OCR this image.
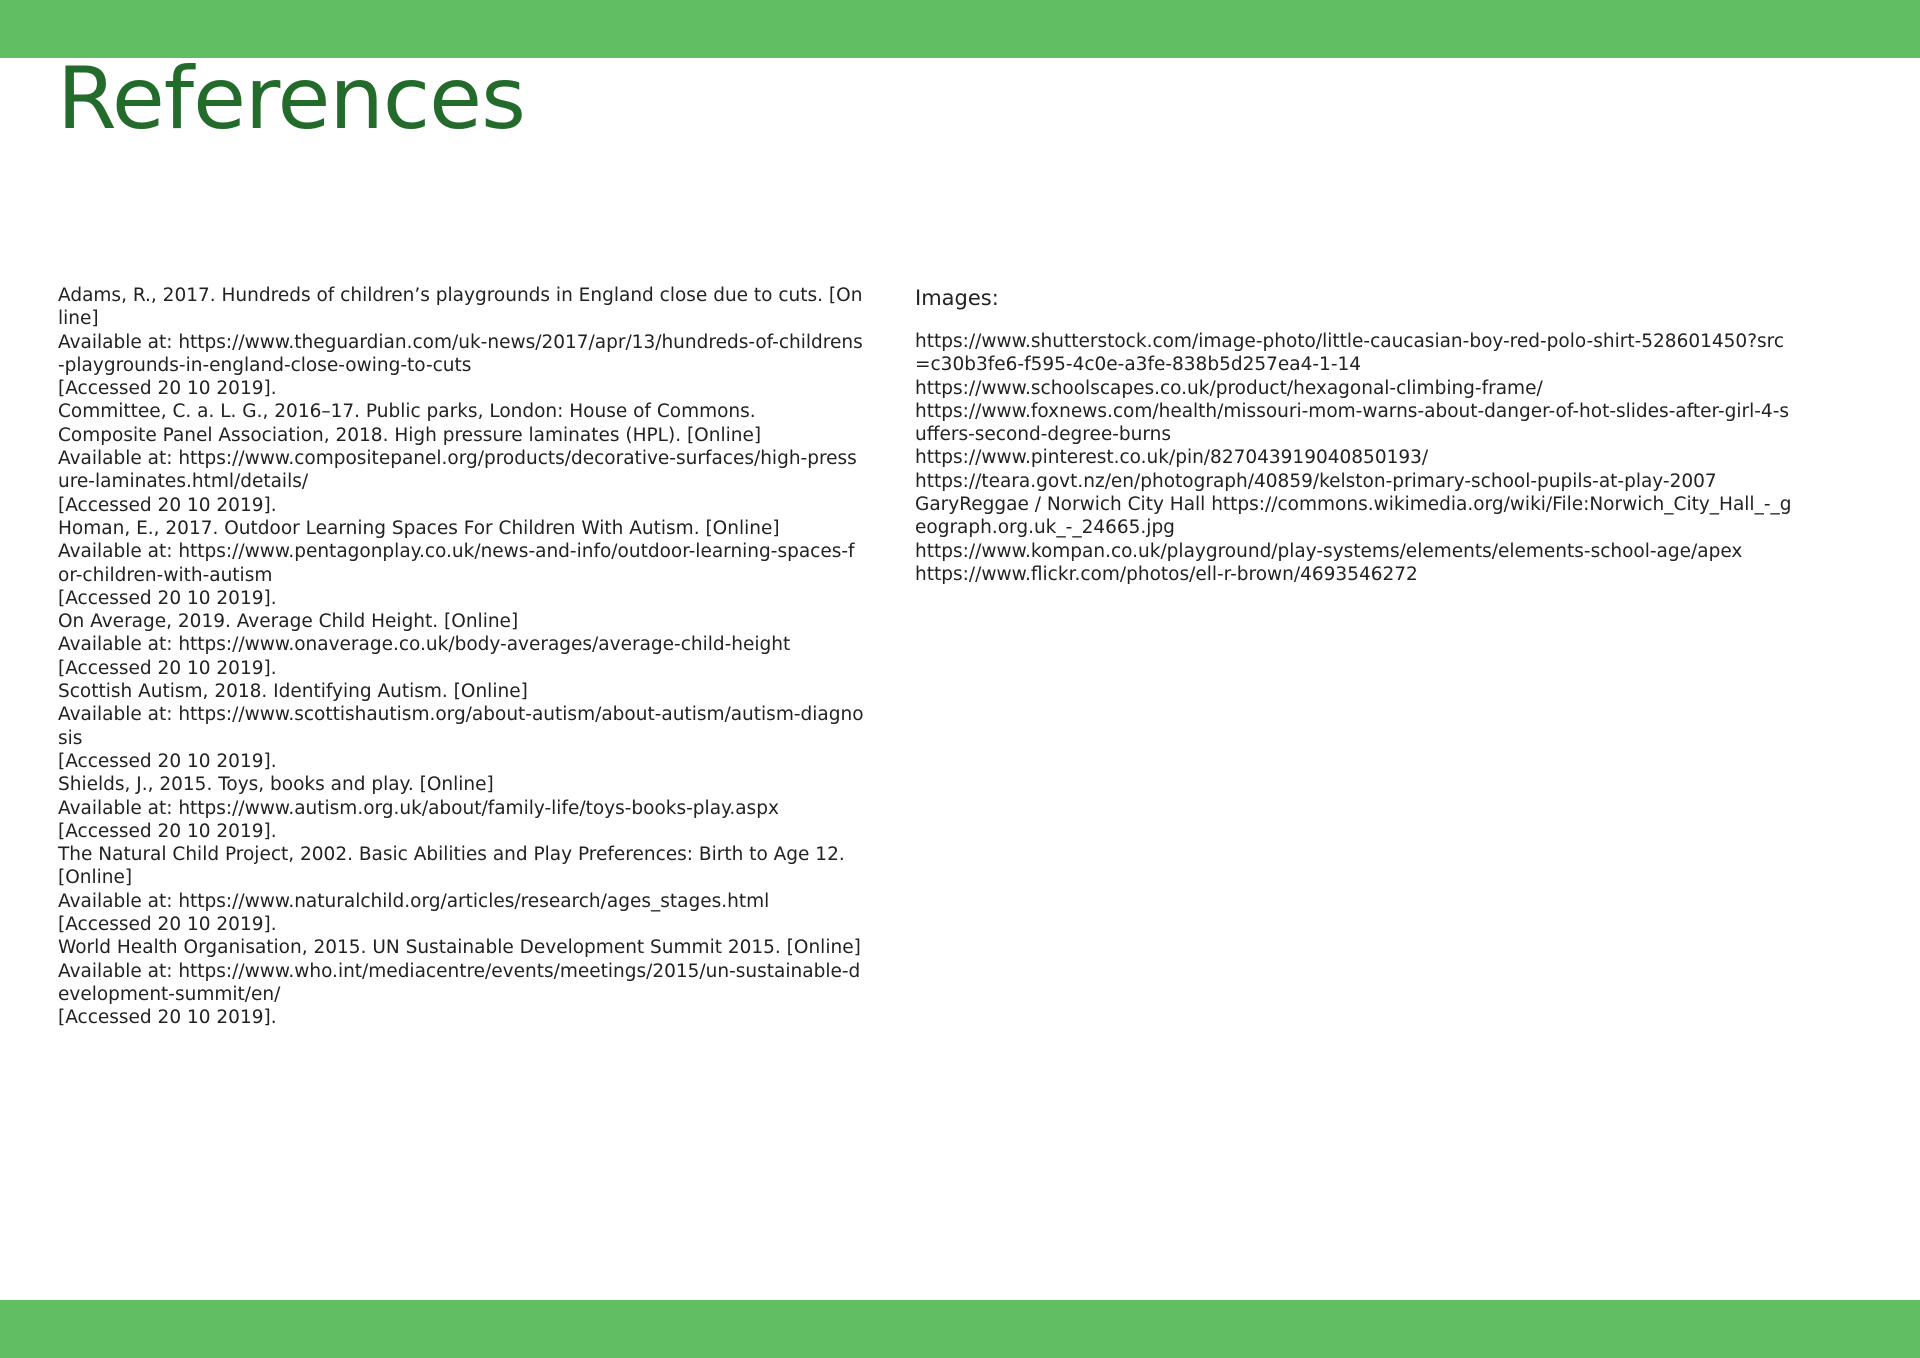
References
Adams, R., 2017. Hundreds of children’s playgrounds in England close due to cuts. [Online]
Available at: https://www.theguardian.com/uk-news/2017/apr/13/hundreds-of-childrens-playgrounds-in-england-close-owing-to-cuts
[Accessed 20 10 2019].
Committee, C. a. L. G., 2016–17. Public parks, London: House of Commons.
Composite Panel Association, 2018. High pressure laminates (HPL). [Online]
Available at: https://www.compositepanel.org/products/decorative-surfaces/high-pressure-laminates.html/details/
[Accessed 20 10 2019].
Homan, E., 2017. Outdoor Learning Spaces For Children With Autism. [Online]
Available at: https://www.pentagonplay.co.uk/news-and-info/outdoor-learning-spaces-for-children-with-autism
[Accessed 20 10 2019].
On Average, 2019. Average Child Height. [Online]
Available at: https://www.onaverage.co.uk/body-averages/average-child-height
[Accessed 20 10 2019].
Scottish Autism, 2018. Identifying Autism. [Online]
Available at: https://www.scottishautism.org/about-autism/about-autism/autism-diagnosis
[Accessed 20 10 2019].
Shields, J., 2015. Toys, books and play. [Online]
Available at: https://www.autism.org.uk/about/family-life/toys-books-play.aspx
[Accessed 20 10 2019].
The Natural Child Project, 2002. Basic Abilities and Play Preferences: Birth to Age 12. [Online]
Available at: https://www.naturalchild.org/articles/research/ages_stages.html
[Accessed 20 10 2019].
World Health Organisation, 2015. UN Sustainable Development Summit 2015. [Online]
Available at: https://www.who.int/mediacentre/events/meetings/2015/un-sustainable-development-summit/en/
[Accessed 20 10 2019].
Images:
https://www.shutterstock.com/image-photo/little-caucasian-boy-red-polo-shirt-528601450?src=c30b3fe6-f595-4c0e-a3fe-838b5d257ea4-1-14
https://www.schoolscapes.co.uk/product/hexagonal-climbing-frame/
https://www.foxnews.com/health/missouri-mom-warns-about-danger-of-hot-slides-after-girl-4-suffers-second-degree-burns
https://www.pinterest.co.uk/pin/827043919040850193/
https://teara.govt.nz/en/photograph/40859/kelston-primary-school-pupils-at-play-2007
GaryReggae / Norwich City Hall https://commons.wikimedia.org/wiki/File:Norwich_City_Hall_-_geograph.org.uk_-_24665.jpg
https://www.kompan.co.uk/playground/play-systems/elements/elements-school-age/apex
https://www.flickr.com/photos/ell-r-brown/4693546272
